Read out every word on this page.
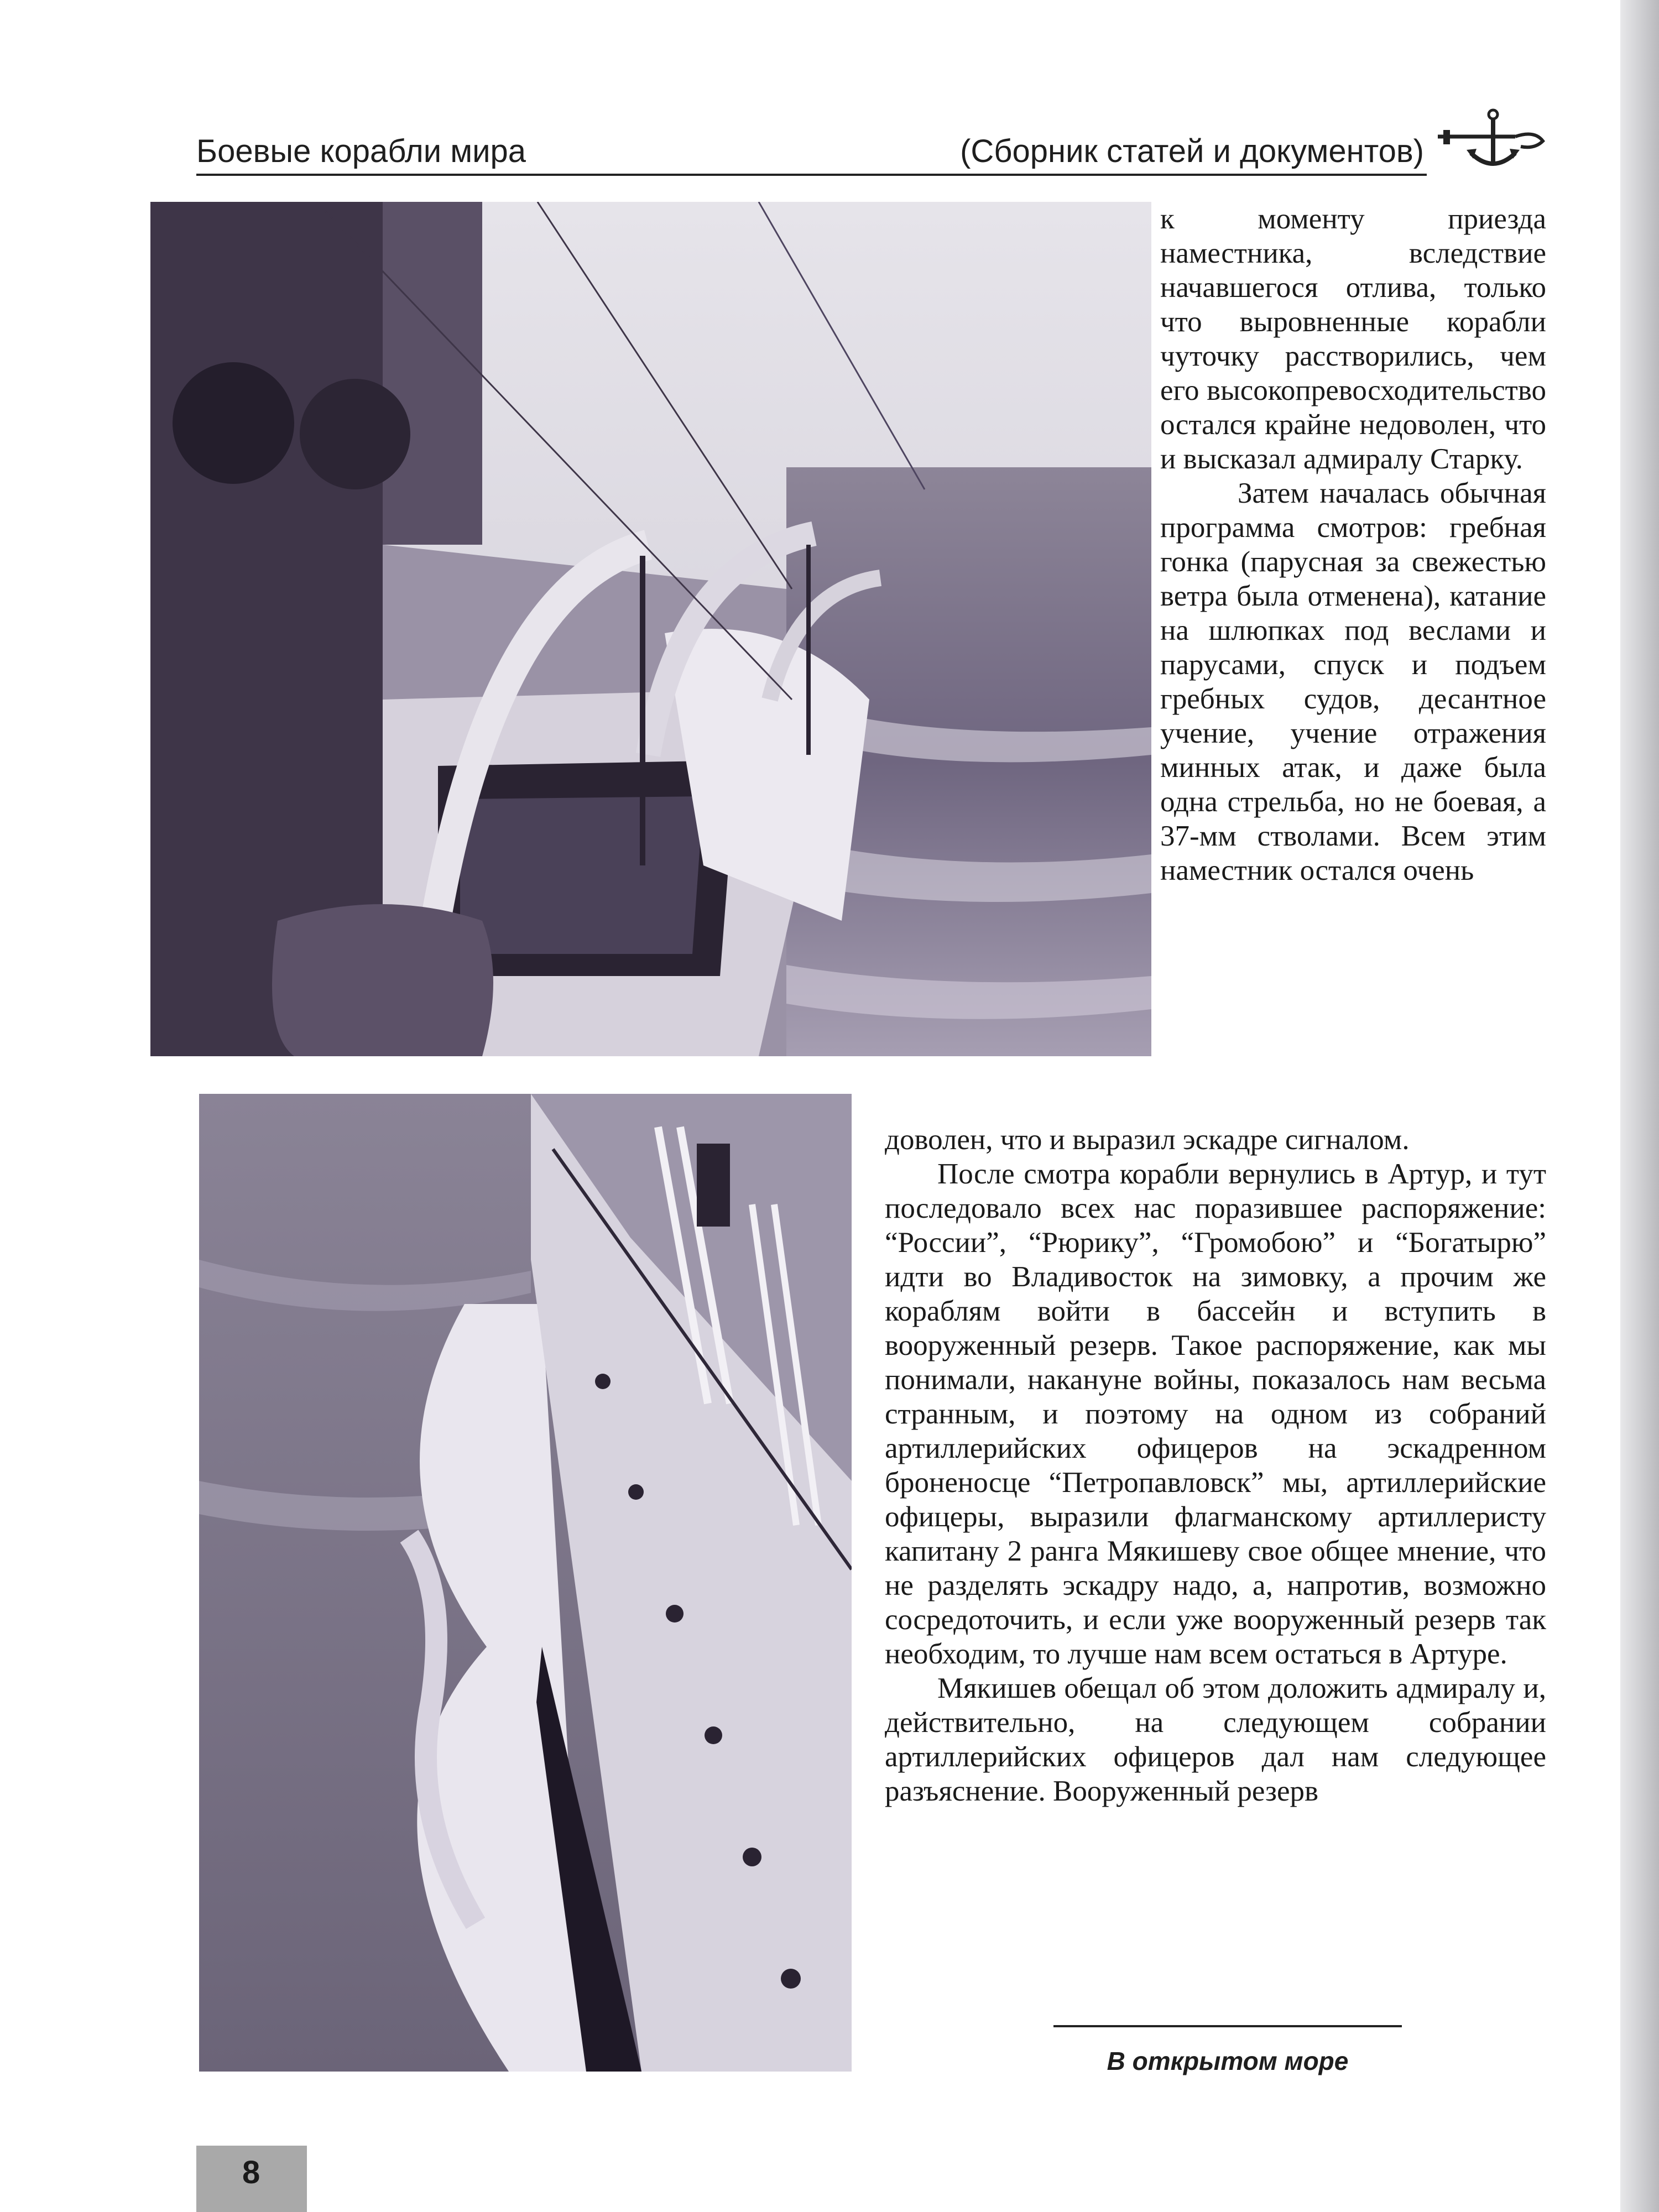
Боевые корабли мира	(Сборник статей и документов)

к моменту приезда наместника, вследствие начавшегося отлива, только что выровненные корабли чуточку расстворились, чем его высокопревосходительство остался крайне недоволен, что и высказал адмиралу Старку.

Затем началась обычная программа смотров: гребная гонка (парусная за свежестью ветра была отменена), катание на шлюпках под веслами и парусами, спуск и подъем гребных судов, десантное учение, учение отражения минных атак, и даже была одна стрельба, но не боевая, а 37-мм стволами. Всем этим наместник остался очень

доволен, что и выразил эскадре сигналом.

После смотра корабли вернулись в Артур, и тут последовало всех нас поразившее распоряжение: “России”, “Рюрику”, “Громобою” и “Богатырю” идти во Владивосток на зимовку, а прочим же кораблям войти в бассейн и вступить в вооруженный резерв. Такое распоряжение, как мы понимали, накануне войны, показалось нам весьма странным, и поэтому на одном из собраний артиллерийских офицеров на эскадренном броненосце “Петропавловск” мы, артиллерийские офицеры, выразили флагманскому артиллеристу капитану 2 ранга Мякишеву свое общее мнение, что не разделять эскадру надо, а, напротив, возможно сосредоточить, и если уже вооруженный резерв так необходим, то лучше нам всем остаться в Артуре.

Мякишев обещал об этом доложить адмиралу и, действительно, на следующем собрании артиллерийских офицеров дал нам следующее разъяснение. Вооруженный резерв

В открытом море
8
